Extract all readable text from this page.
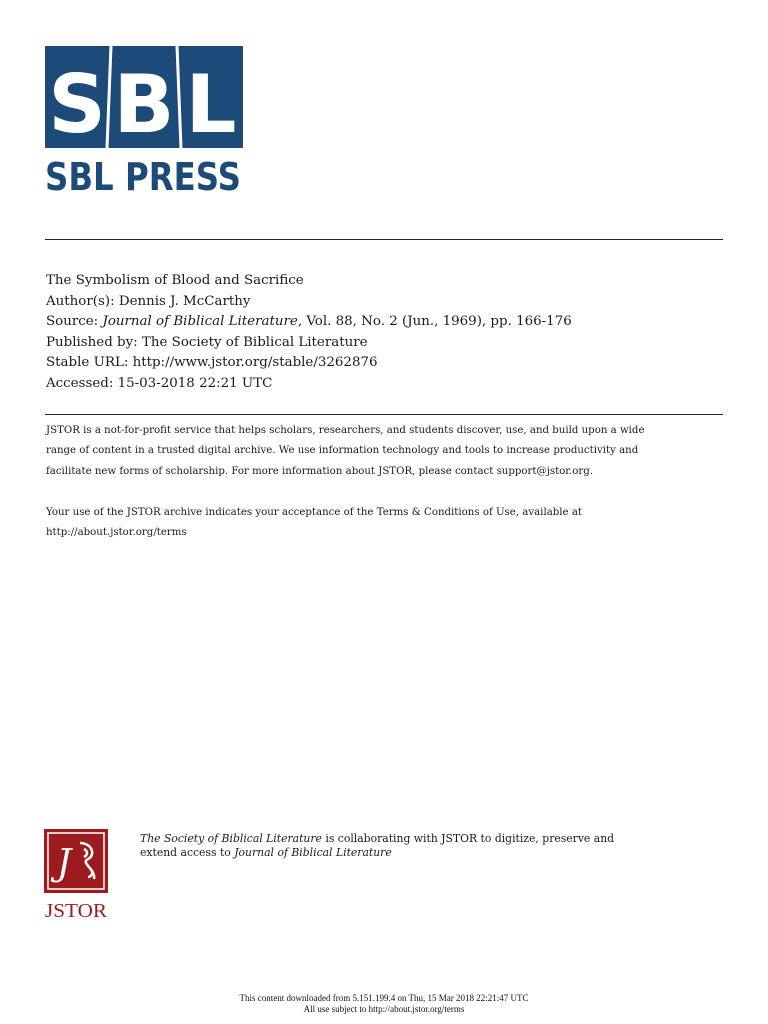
S B L
SBL PRESS
The Symbolism of Blood and Sacrifice
Author(s): Dennis J. McCarthy
Source: Journal of Biblical Literature, Vol. 88, No. 2 (Jun., 1969), pp. 166-176
Published by: The Society of Biblical Literature
Stable URL: http://www.jstor.org/stable/3262876
Accessed: 15-03-2018 22:21 UTC

JSTOR is a not-for-profit service that helps scholars, researchers, and students discover, use, and build upon a wide

range of content in a trusted digital archive. We use information technology and tools to increase productivity and

facilitate new forms of scholarship. For more information about JSTOR, please contact support@jstor.org.

Your use of the JSTOR archive indicates your acceptance of the Terms & Conditions of Use, available at

http://about.jstor.org/terms

J
JSTOR
The Society of Biblical Literature is collaborating with JSTOR to digitize, preserve and
extend access to Journal of Biblical Literature
This content downloaded from 5.151.199.4 on Thu, 15 Mar 2018 22:21:47 UTC
All use subject to http://about.jstor.org/terms
